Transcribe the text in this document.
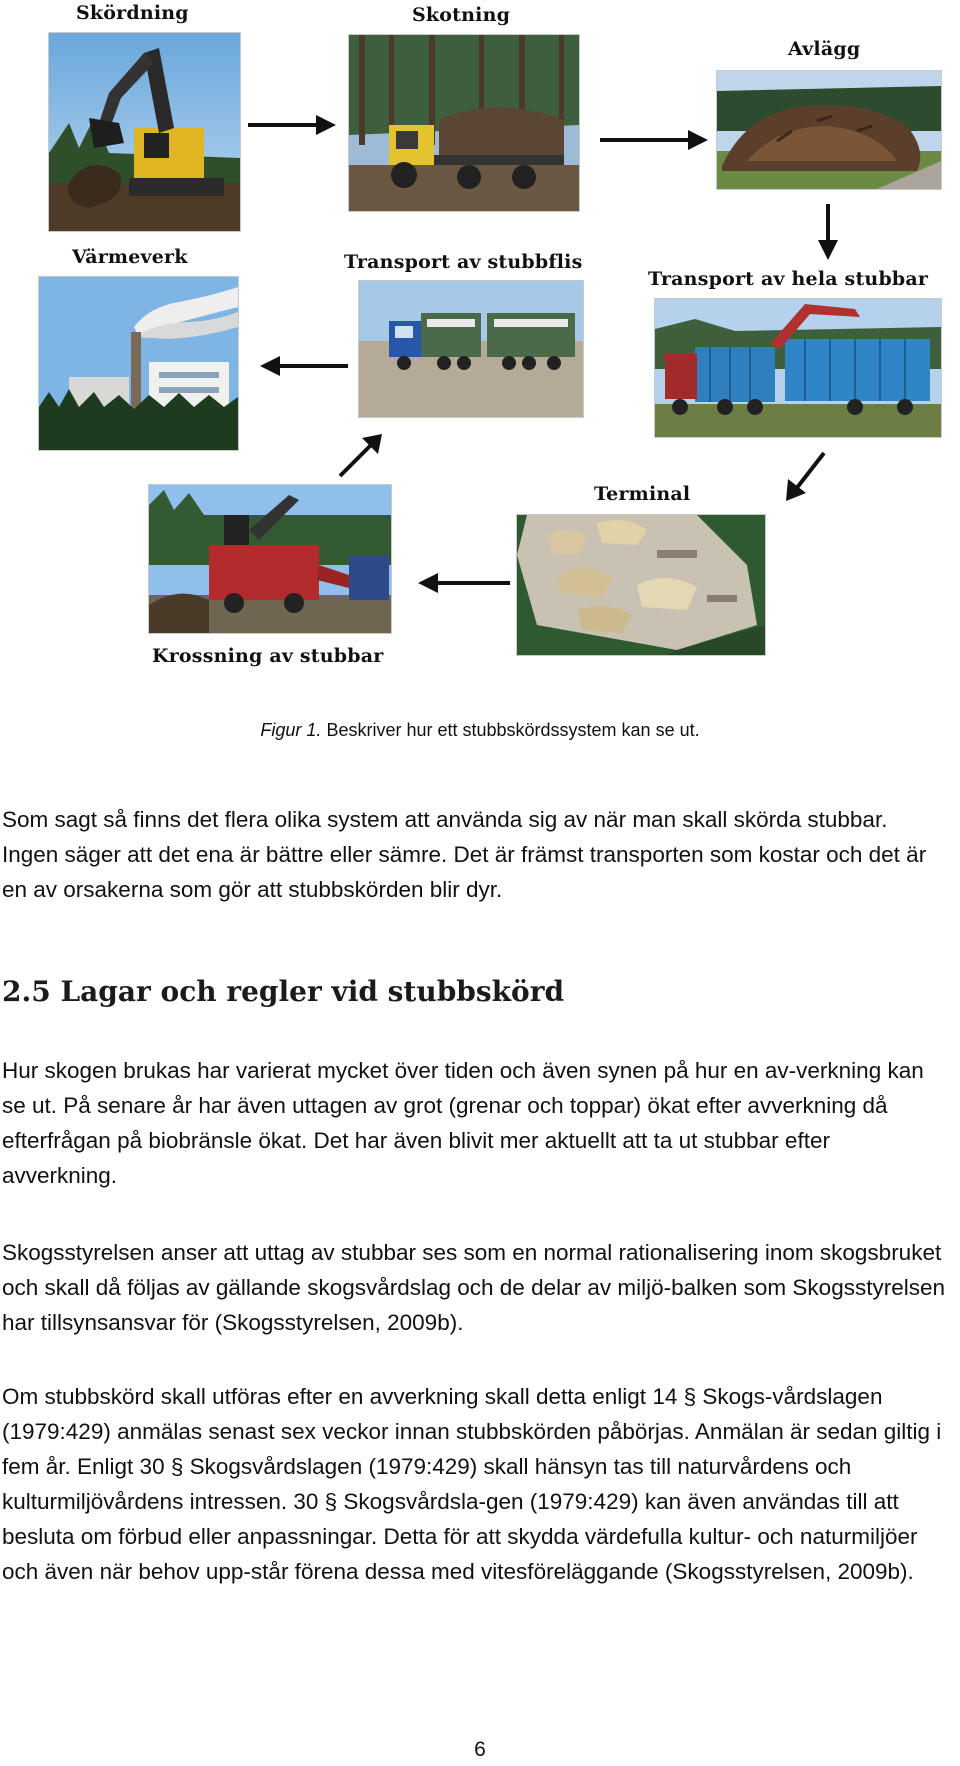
Skördning	Skotning
Avlägg
Värmeverk	Transport av stubbflis
Transport av hela stubbar
Terminal
Krossning av stubbar
Figur 1. Beskriver hur ett stubbskördssystem kan se ut.

Som sagt så finns det flera olika system att använda sig av när man skall skörda stubbar. Ingen säger att det ena är bättre eller sämre. Det är främst transporten som kostar och det är en av orsakerna som gör att stubbskörden blir dyr.

2.5 Lagar och regler vid stubbskörd

Hur skogen brukas har varierat mycket över tiden och även synen på hur en av-verkning kan se ut. På senare år har även uttagen av grot (grenar och toppar) ökat efter avverkning då efterfrågan på biobränsle ökat. Det har även blivit mer aktuellt att ta ut stubbar efter avverkning.

Skogsstyrelsen anser att uttag av stubbar ses som en normal rationalisering inom skogsbruket och skall då följas av gällande skogsvårdslag och de delar av miljö-balken som Skogsstyrelsen har tillsynsansvar för (Skogsstyrelsen, 2009b).

Om stubbskörd skall utföras efter en avverkning skall detta enligt 14 § Skogs-vårdslagen (1979:429) anmälas senast sex veckor innan stubbskörden påbörjas. Anmälan är sedan giltig i fem år. Enligt 30 § Skogsvårdslagen (1979:429) skall hänsyn tas till naturvårdens och kulturmiljövårdens intressen. 30 § Skogsvårdsla-gen (1979:429) kan även användas till att besluta om förbud eller anpassningar. Detta för att skydda värdefulla kultur- och naturmiljöer och även när behov upp-står förena dessa med vitesföreläggande (Skogsstyrelsen, 2009b).

6
